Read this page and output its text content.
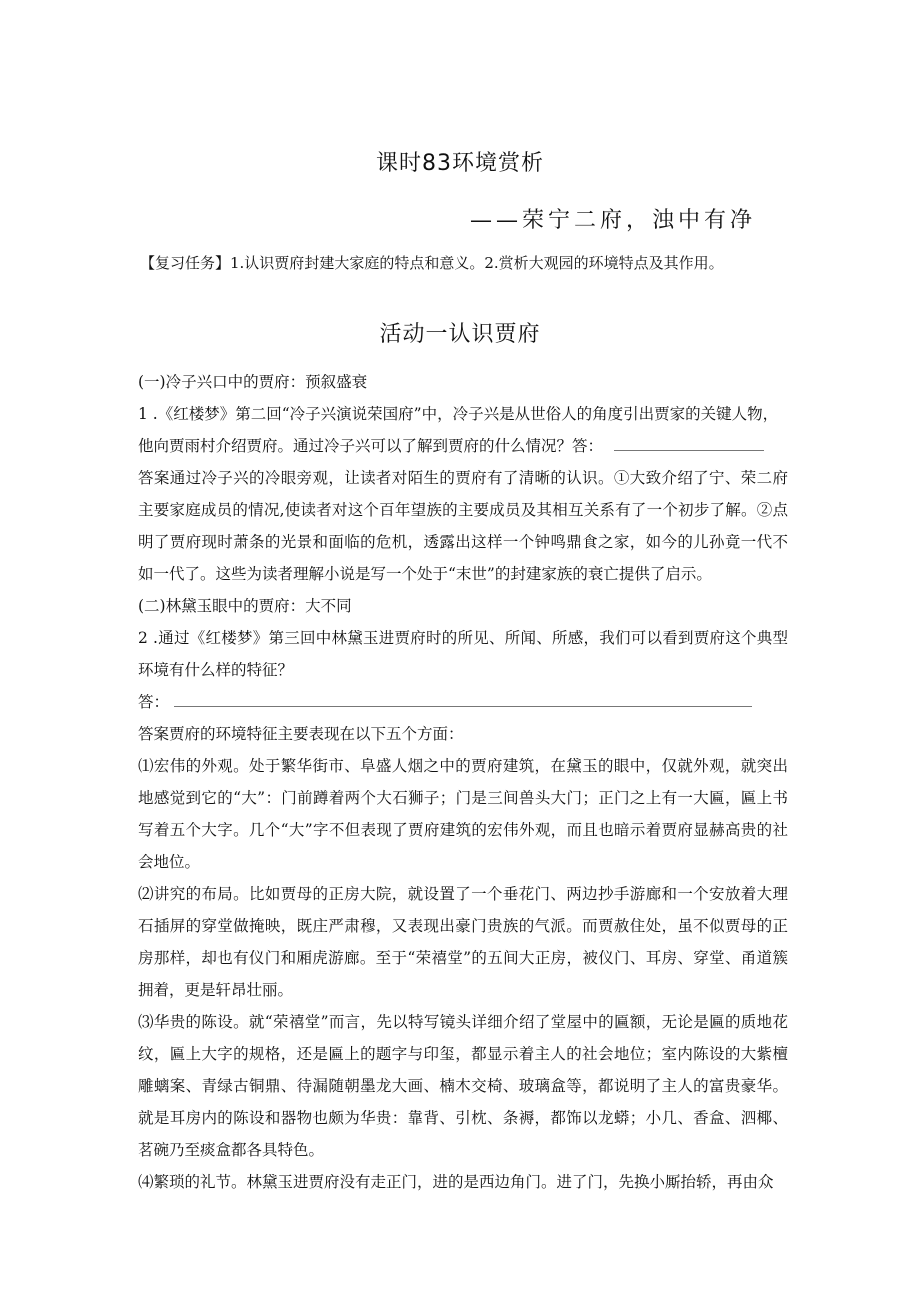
课时83环境赏析
——荣宁二府，浊中有净
【复习任务】1.认识贾府封建大家庭的特点和意义。2.赏析大观园的环境特点及其作用。
活动一认识贾府

(一)冷子兴口中的贾府：预叙盛衰

1 .《红楼梦》第二回“冷子兴演说荣国府”中，冷子兴是从世俗人的角度引出贾家的关键人物，
他向贾雨村介绍贾府。通过冷子兴可以了解到贾府的什么情况？答：

答案通过冷子兴的冷眼旁观，让读者对陌生的贾府有了清晰的认识。①大致介绍了宁、荣二府主要家庭成员的情况,使读者对这个百年望族的主要成员及其相互关系有了一个初步了解。②点明了贾府现时萧条的光景和面临的危机，透露出这样一个钟鸣鼎食之家，如今的儿孙竟一代不如一代了。这些为读者理解小说是写一个处于“末世”的封建家族的衰亡提供了启示。

(二)林黛玉眼中的贾府：大不同

2 .通过《红楼梦》第三回中林黛玉进贾府时的所见、所闻、所感，我们可以看到贾府这个典型环境有什么样的特征？

答：

答案贾府的环境特征主要表现在以下五个方面：

⑴宏伟的外观。处于繁华街市、阜盛人烟之中的贾府建筑，在黛玉的眼中，仅就外观，就突出地感觉到它的“大”：门前蹲着两个大石狮子；门是三间兽头大门；正门之上有一大匾，匾上书写着五个大字。几个“大”字不但表现了贾府建筑的宏伟外观，而且也暗示着贾府显赫高贵的社会地位。

⑵讲究的布局。比如贾母的正房大院，就设置了一个垂花门、两边抄手游廊和一个安放着大理石插屏的穿堂做掩映，既庄严肃穆，又表现出豪门贵族的气派。而贾赦住处，虽不似贾母的正房那样，却也有仪门和厢虎游廊。至于“荣禧堂”的五间大正房，被仪门、耳房、穿堂、甬道簇拥着，更是轩昂壮丽。

⑶华贵的陈设。就“荣禧堂”而言，先以特写镜头详细介绍了堂屋中的匾额，无论是匾的质地花纹，匾上大字的规格，还是匾上的题字与印玺，都显示着主人的社会地位；室内陈设的大紫檀雕螭案、青绿古铜鼎、待漏随朝墨龙大画、楠木交椅、玻璃盒等，都说明了主人的富贵豪华。就是耳房内的陈设和器物也颇为华贵：靠背、引枕、条褥，都饰以龙蟒；小几、香盒、泗椰、茗碗乃至痰盒都各具特色。

⑷繁琐的礼节。林黛玉进贾府没有走正门，进的是西边角门。进了门，先换小厮抬轿，再由众
